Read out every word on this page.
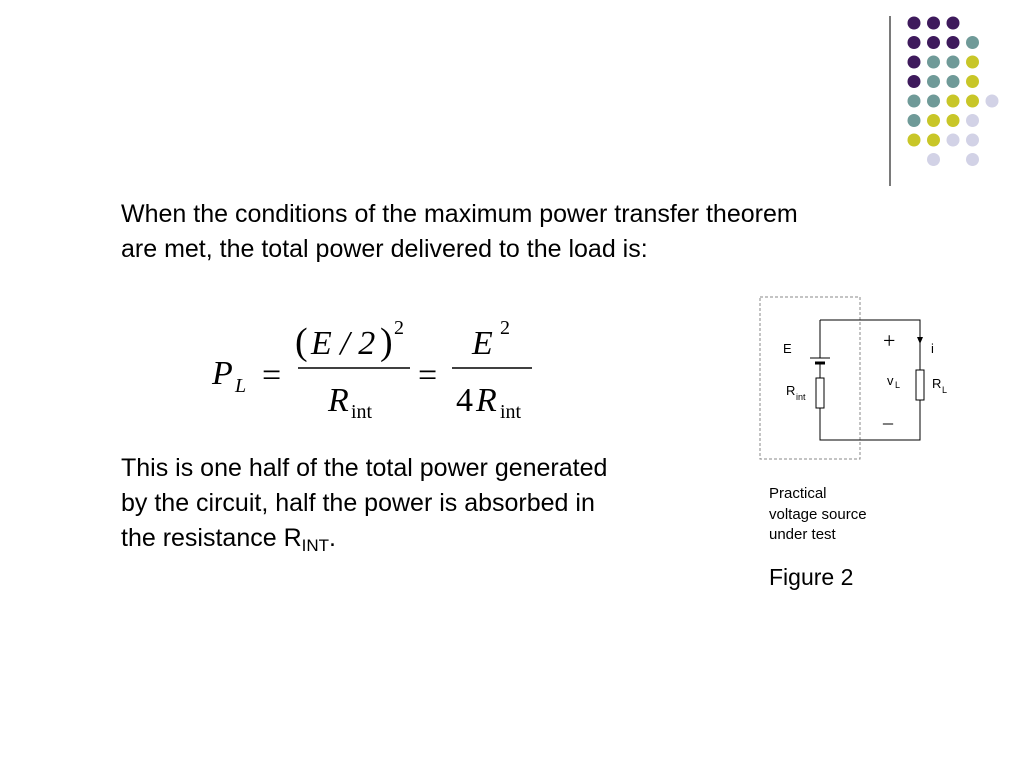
When the conditions of the maximum power transfer theorem

are met, the total power delivered to the load is:

P L =
( E / 2 ) 2
R int
=
E 2
4 R int
E
R int
+
_
i
v L R L

This is one half of the total power generated

by the circuit, half the power is absorbed in

the resistance $R_{INT}$.

Practical
voltage source
under test
Figure 2
